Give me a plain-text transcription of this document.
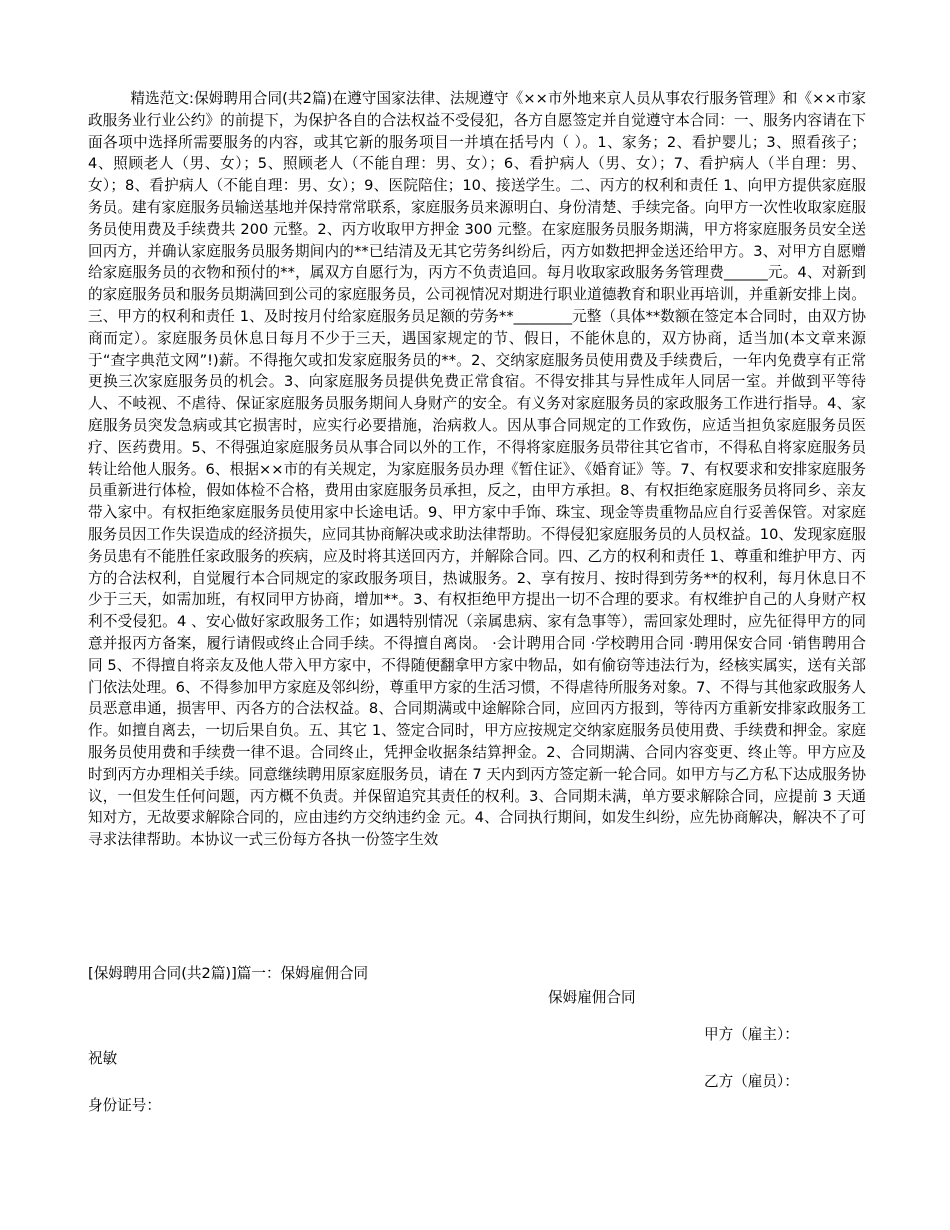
精选范文:保姆聘用合同(共2篇)在遵守国家法律、法规遵守《××市外地来京人员从事农行服务管理》和《××市家政服务业行业公约》的前提下，为保护各自的合法权益不受侵犯，各方自愿签定并自觉遵守本合同：一、服务内容请在下面各项中选择所需要服务的内容，或其它新的服务项目一并填在括号内（ ）。1、家务；2、看护婴儿；3、照看孩子；4、照顾老人（男、女）；5、照顾老人（不能自理：男、女）；6、看护病人（男、女）；7、看护病人（半自理：男、女）；8、看护病人（不能自理：男、女）；9、医院陪住；10、接送学生。二、丙方的权利和责任 1、向甲方提供家庭服务员。建有家庭服务员输送基地并保持常常联系，家庭服务员来源明白、身份清楚、手续完备。向甲方一次性收取家庭服务员使用费及手续费共 200 元整。2、丙方收取甲方押金 300 元整。在家庭服务员服务期满，甲方将家庭服务员安全送回丙方，并确认家庭服务员服务期间内的**已结清及无其它劳务纠纷后，丙方如数把押金送还给甲方。3、对甲方自愿赠给家庭服务员的衣物和预付的**，属双方自愿行为，丙方不负责追回。每月收取家政服务务管理费______元。4、对新到的家庭服务员和服务员期满回到公司的家庭服务员，公司视情况对期进行职业道德教育和职业再培训，并重新安排上岗。三、甲方的权利和责任 1、及时按月付给家庭服务员足额的劳务**________元整（具体**数额在签定本合同时，由双方协商而定）。家庭服务员休息日每月不少于三天，遇国家规定的节、假日，不能休息的，双方协商，适当加(本文章来源于“查字典范文网”!)薪。不得拖欠或扣发家庭服务员的**。2、交纳家庭服务员使用费及手续费后，一年内免费享有正常更换三次家庭服务员的机会。3、向家庭服务员提供免费正常食宿。不得安排其与异性成年人同居一室。并做到平等待人、不岐视、不虐待、保证家庭服务员服务期间人身财产的安全。有义务对家庭服务员的家政服务工作进行指导。4、家庭服务员突发急病或其它损害时，应实行必要措施，治病救人。因从事合同规定的工作致伤，应适当担负家庭服务员医疗、医药费用。5、不得强迫家庭服务员从事合同以外的工作，不得将家庭服务员带往其它省市，不得私自将家庭服务员转让给他人服务。6、根据××市的有关规定，为家庭服务员办理《暂住证》、《婚育证》等。7、有权要求和安排家庭服务员重新进行体检，假如体检不合格，费用由家庭服务员承担，反之，由甲方承担。8、有权拒绝家庭服务员将同乡、亲友带入家中。有权拒绝家庭服务员使用家中长途电话。9、甲方家中手饰、珠宝、现金等贵重物品应自行妥善保管。对家庭服务员因工作失误造成的经济损失，应同其协商解决或求助法律帮助。不得侵犯家庭服务员的人员权益。10、发现家庭服务员患有不能胜任家政服务的疾病，应及时将其送回丙方，并解除合同。四、乙方的权利和责任 1、尊重和维护甲方、丙方的合法权利，自觉履行本合同规定的家政服务项目，热诚服务。2、享有按月、按时得到劳务**的权利，每月休息日不少于三天，如需加班，有权同甲方协商，增加**。3、有权拒绝甲方提出一切不合理的要求。有权维护自己的人身财产权利不受侵犯。4 、安心做好家政服务工作；如遇特别情况（亲属患病、家有急事等），需回家处理时，应先征得甲方的同意并报丙方备案，履行请假或终止合同手续。不得擅自离岗。 ·会计聘用合同 ·学校聘用合同 ·聘用保安合同 ·销售聘用合同 5、不得擅自将亲友及他人带入甲方家中，不得随便翻拿甲方家中物品，如有偷窃等违法行为，经核实属实，送有关部门依法处理。6、不得参加甲方家庭及邻纠纷，尊重甲方家的生活习惯，不得虐待所服务对象。7、不得与其他家政服务人员恶意串通，损害甲、丙各方的合法权益。8、合同期满或中途解除合同，应回丙方报到，等待丙方重新安排家政服务工作。如擅自离去，一切后果自负。五、其它 1、签定合同时，甲方应按规定交纳家庭服务员使用费、手续费和押金。家庭服务员使用费和手续费一律不退。合同终止，凭押金收据条结算押金。2、合同期满、合同内容变更、终止等。甲方应及时到丙方办理相关手续。同意继续聘用原家庭服务员，请在 7 天内到丙方签定新一轮合同。如甲方与乙方私下达成服务协议，一但发生任何问题，丙方概不负责。并保留追究其责任的权利。3、合同期未满，单方要求解除合同，应提前 3 天通知对方，无故要求解除合同的，应由违约方交纳违约金 元。4、合同执行期间，如发生纠纷，应先协商解决，解决不了可寻求法律帮助。本协议一式三份每方各执一份签字生效

[保姆聘用合同(共2篇)]篇一：保姆雇佣合同
保姆雇佣合同
甲方（雇主）：
祝敏
乙方（雇员）：
身份证号：
